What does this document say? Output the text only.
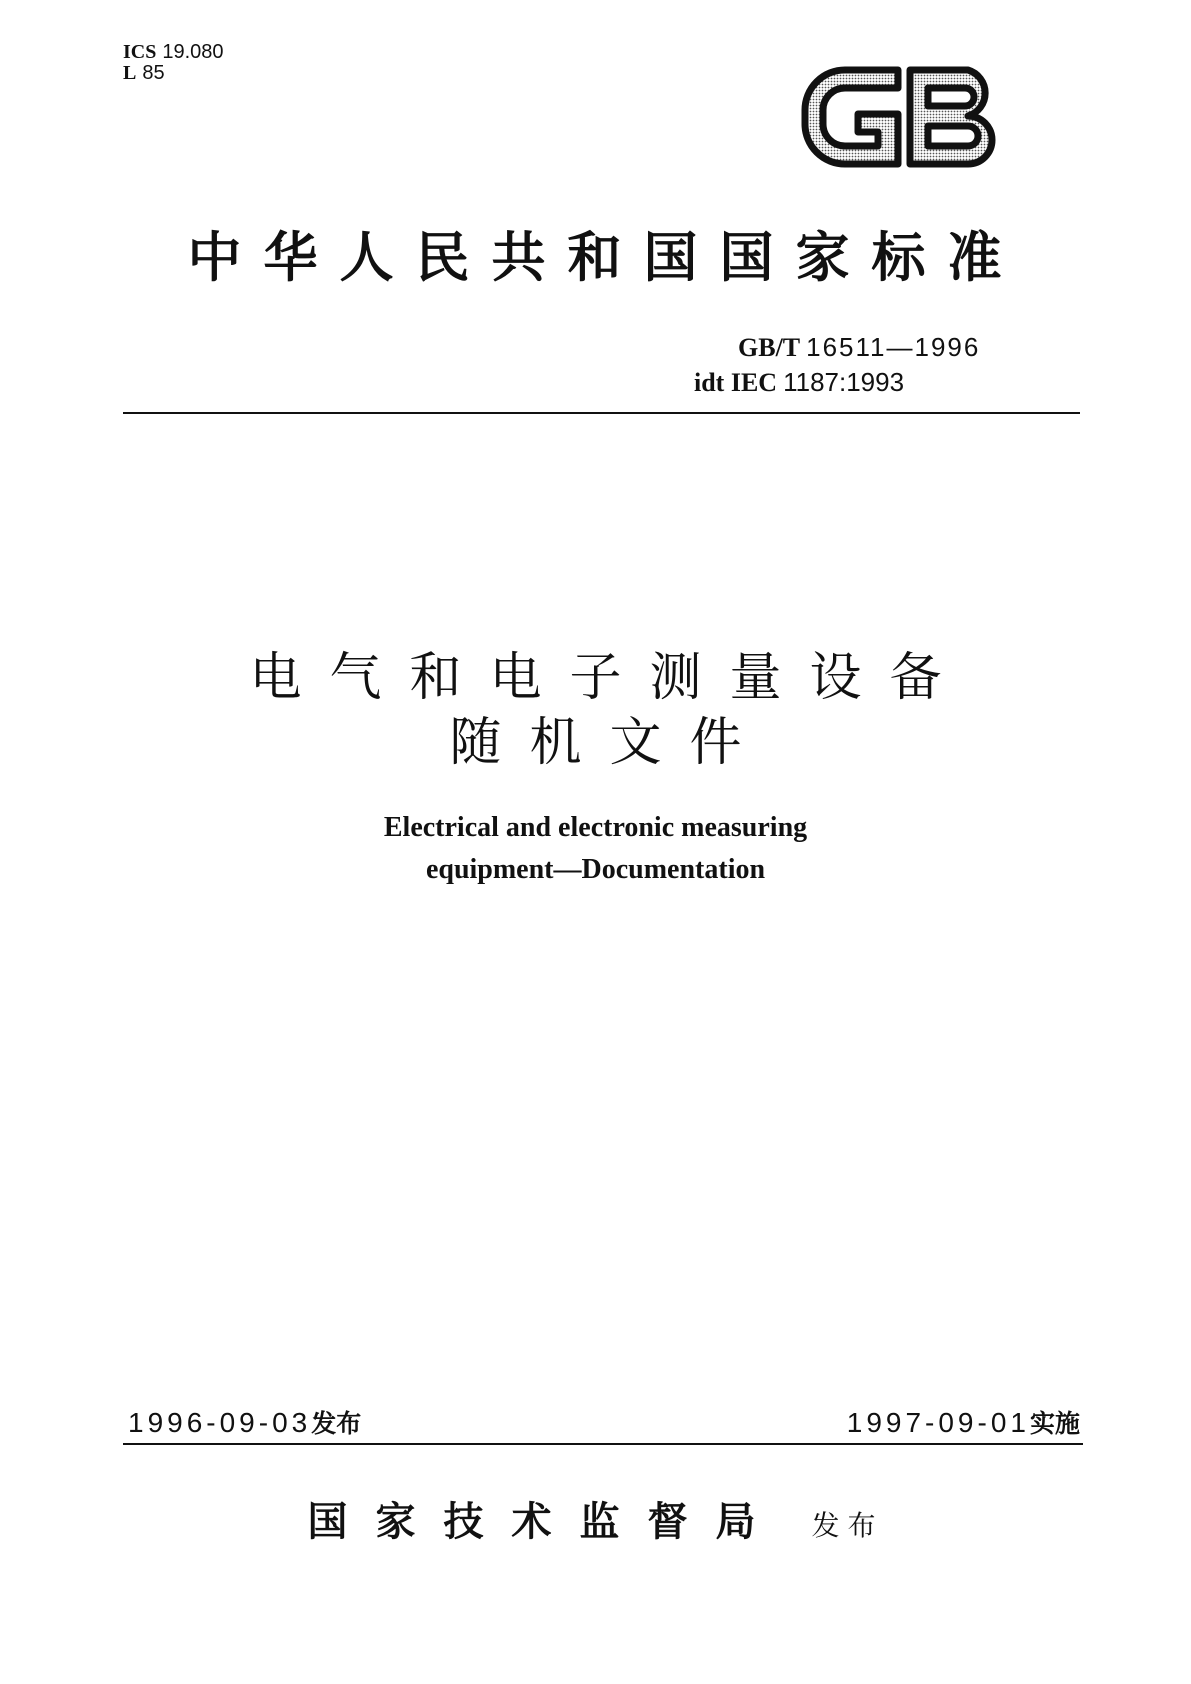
ICS 19.080
L 85
中华人民共和国国家标准
GB/T 16511—1996
idt IEC 1187:1993
电气和电子测量设备
随机文件
Electrical and electronic measuring
equipment—Documentation
1996-09-03发布	1997-09-01实施
国家技术监督局 发布
